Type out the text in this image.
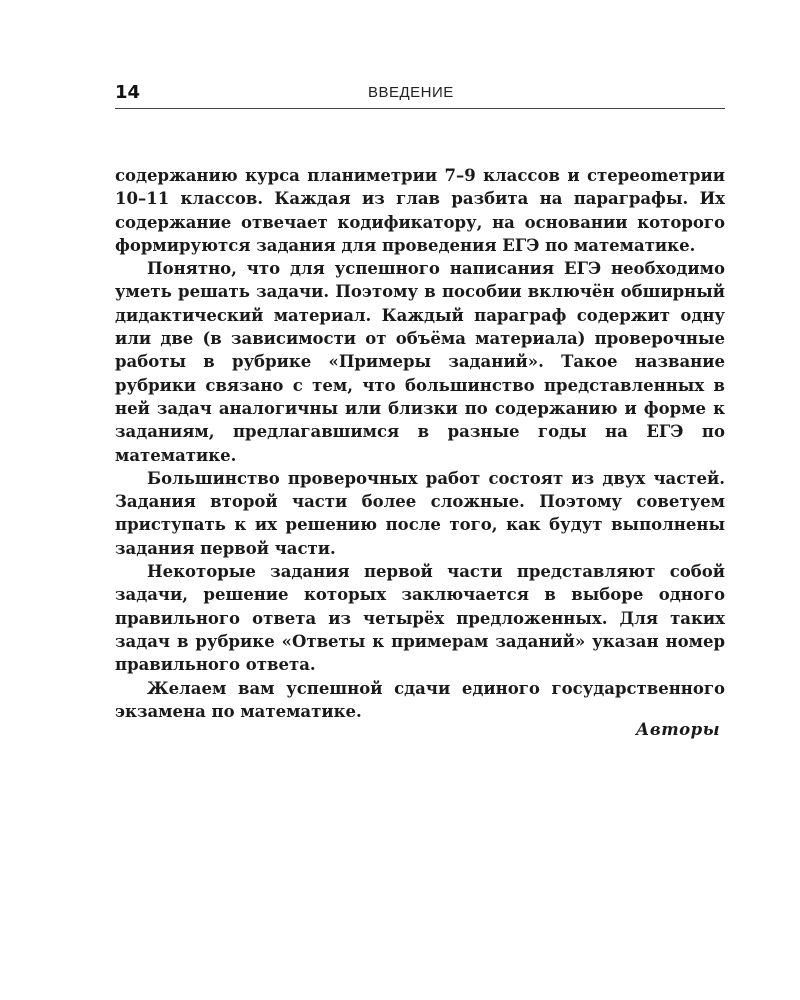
14	ВВЕДЕНИЕ

содержанию курса планиметрии 7–9 классов и стереоmетрии 10–11 классов. Каждая из глав разбита на параграфы. Их содержание отвечает кодификатору, на основании которого формируются задания для проведения ЕГЭ по математике.

Понятно, что для успешного написания ЕГЭ необходимо уметь решать задачи. Поэтому в пособии включён обширный дидактический материал. Каждый параграф содержит одну или две (в зависимости от объёма материала) проверочные работы в рубрике «Примеры заданий». Такое название рубрики связано с тем, что большинство представленных в ней задач аналогичны или близки по содержанию и форме к заданиям, предлагавшимся в разные годы на ЕГЭ по математике.

Большинство проверочных работ состоят из двух частей. Задания второй части более сложные. Поэтому советуем приступать к их решению после того, как будут выполнены задания первой части.

Некоторые задания первой части представляют собой задачи, решение которых заключается в выборе одного правильного ответа из четырёх предложенных. Для таких задач в рубрике «Ответы к примерам заданий» указан номер правильного ответа.

Желаем вам успешной сдачи единого государственного экзамена по математике.

Авторы
